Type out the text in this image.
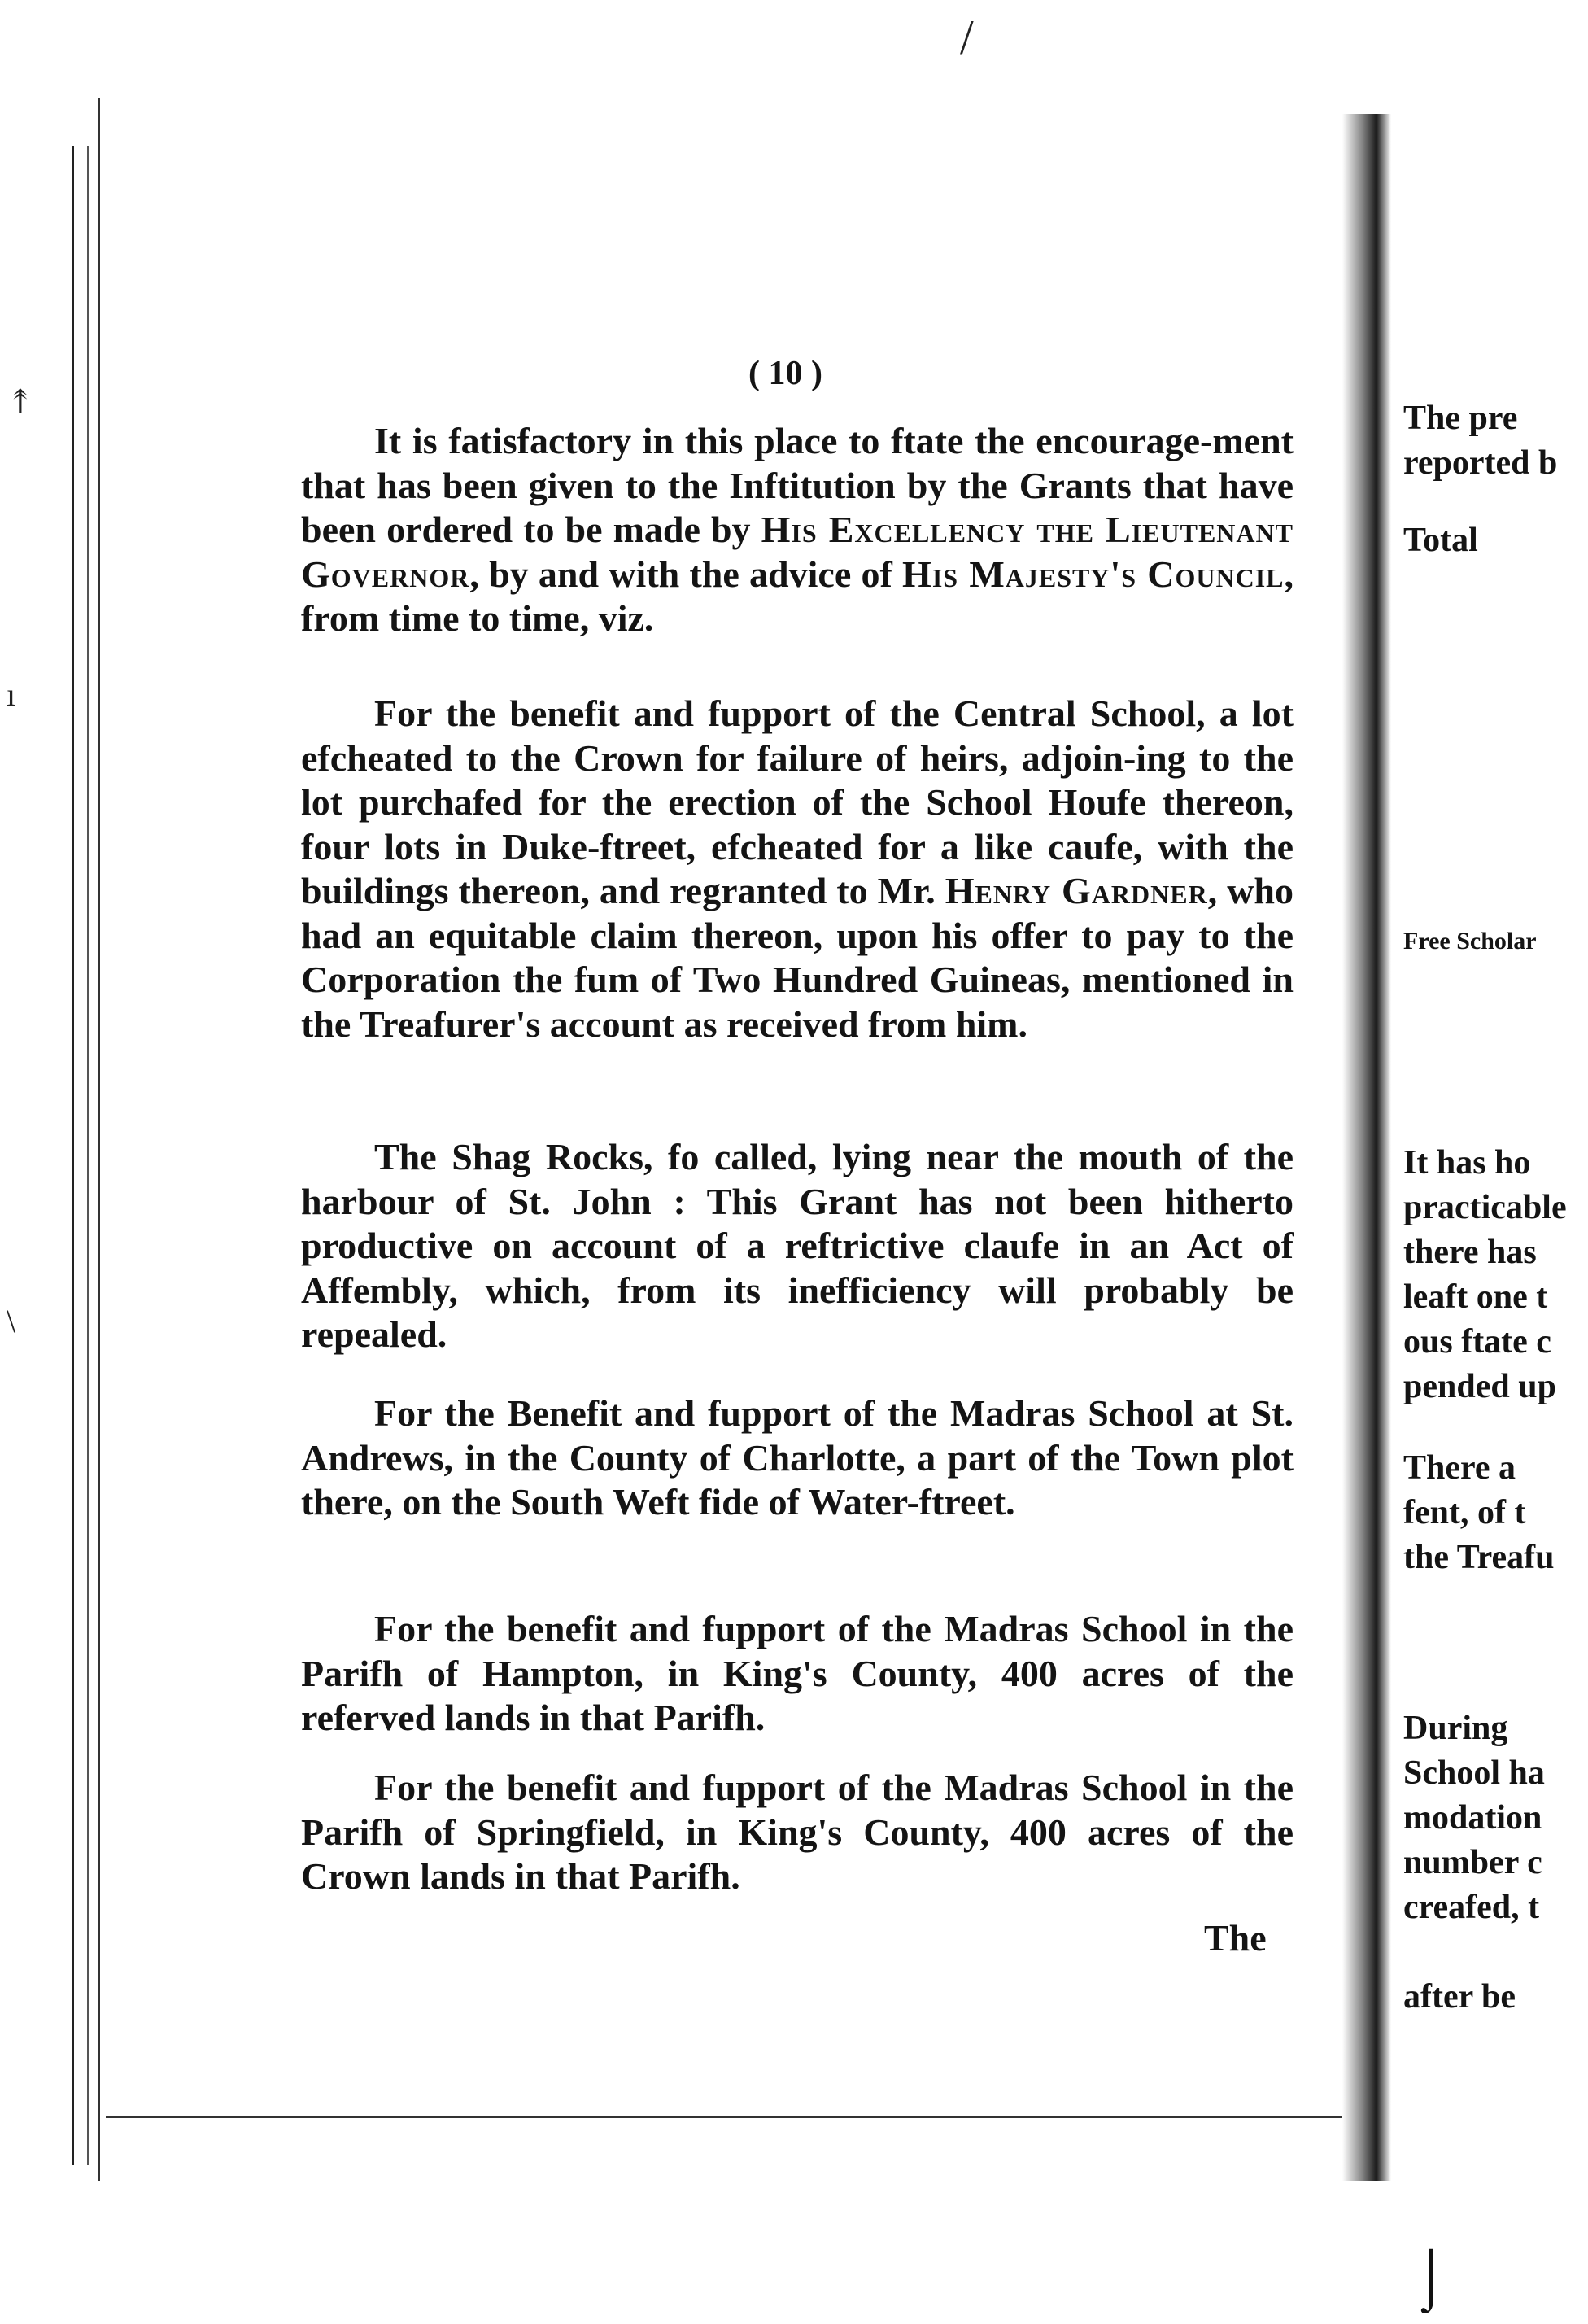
/
↟
ı
\
⌡
( 10 )

It is fatisfactory in this place to ftate the encourage-ment that has been given to the Inftitution by the Grants that have been ordered to be made by His Excellency the Lieutenant Governor, by and with the advice of His Majesty's Council, from time to time, viz.

For the benefit and fupport of the Central School, a lot efcheated to the Crown for failure of heirs, adjoin-ing to the lot purchafed for the erection of the School Houfe thereon, four lots in Duke-ftreet, efcheated for a like caufe, with the buildings thereon, and regranted to Mr. Henry Gardner, who had an equitable claim thereon, upon his offer to pay to the Corporation the fum of Two Hundred Guineas, mentioned in the Treafurer's account as received from him.

The Shag Rocks, fo called, lying near the mouth of the harbour of St. John : This Grant has not been hitherto productive on account of a reftrictive claufe in an Act of Affembly, which, from its inefficiency will probably be repealed.

For the Benefit and fupport of the Madras School at St. Andrews, in the County of Charlotte, a part of the Town plot there, on the South Weft fide of Water-ftreet.

For the benefit and fupport of the Madras School in the Parifh of Hampton, in King's County, 400 acres of the referved lands in that Parifh.

For the benefit and fupport of the Madras School in the Parifh of Springfield, in King's County, 400 acres of the Crown lands in that Parifh.

The
The pre
reported b
Total
Free Scholar
It has ho
practicable
there has
leaft one t
ous ftate c
pended up
There a
fent, of t
the Treafu
During
School ha
modation
number c
creafed, t
after be
